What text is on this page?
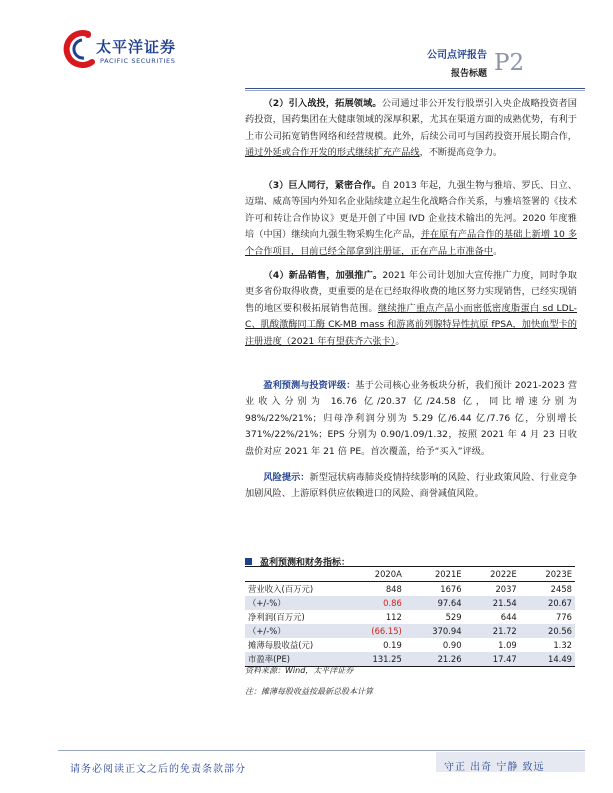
太平洋证券
PACIFIC SECURITIES	公司点评报告
报告标题 P2
  （2）引入战投，拓展领域。公司通过非公开发行股票引入央企战略投资者国药投资，国药集团在大健康领域的深厚积累，尤其在渠道方面的成熟优势，有利于上市公司拓宽销售网络和经营规模。此外，后续公司可与国药投资开展长期合作，通过外延或合作开发的形式继续扩充产品线，不断提高竞争力。
  （3）巨人同行，紧密合作。自 2013 年起，九强生物与雅培、罗氏、日立、迈瑞、威高等国内外知名企业陆续建立起生化战略合作关系，与雅培签署的《技术许可和转让合作协议》更是开创了中国 IVD 企业技术输出的先河。2020 年度雅培（中国）继续向九强生物采购生化产品，并在原有产品合作的基础上新增 10 多个合作项目，目前已经全部拿到注册证，正在产品上市准备中。
  （4）新品销售，加强推广。2021 年公司计划加大宣传推广力度，同时争取更多省份取得收费，更重要的是在已经取得收费的地区努力实现销售，已经实现销售的地区要积极拓展销售范围。继续推广重点产品小而密低密度脂蛋白 sd LDL-C、肌酸激酶同工酶 CK-MB mass 和游离前列腺特异性抗原 fPSA，加快血型卡的注册进度（2021 年有望获齐六张卡）。
  盈利预测与投资评级：基于公司核心业务板块分析，我们预计 2021-2023 营业收入分别为 16.76 亿/20.37 亿/24.58 亿，同比增速分别为 98%/22%/21%；归母净利润分别为 5.29 亿/6.44 亿/7.76 亿，分别增长 371%/22%/21%；EPS 分别为 0.90/1.09/1.32，按照 2021 年 4 月 23 日收盘价对应 2021 年 21 倍 PE。首次覆盖，给予“买入”评级。
  风险提示：新型冠状病毒肺炎疫情持续影响的风险、行业政策风险、行业竞争加剧风险、上游原料供应依赖进口的风险、商誉减值风险。
盈利预测和财务指标：
	2020A	2021E	2022E	2023E
营业收入(百万元)	848	1676	2037	2458
（+/-%）	0.86	97.64	21.54	20.67
净利润(百万元)	112	529	644	776
（+/-%）	(66.15)	370.94	21.72	20.56
摊薄每股收益(元)	0.19	0.90	1.09	1.32
市盈率(PE)	131.25	21.26	17.47	14.49
资料来源：Wind，太平洋证券
注：摊薄每股收益按最新总股本计算
请务必阅读正文之后的免责条款部分	守正 出奇 宁静 致远
